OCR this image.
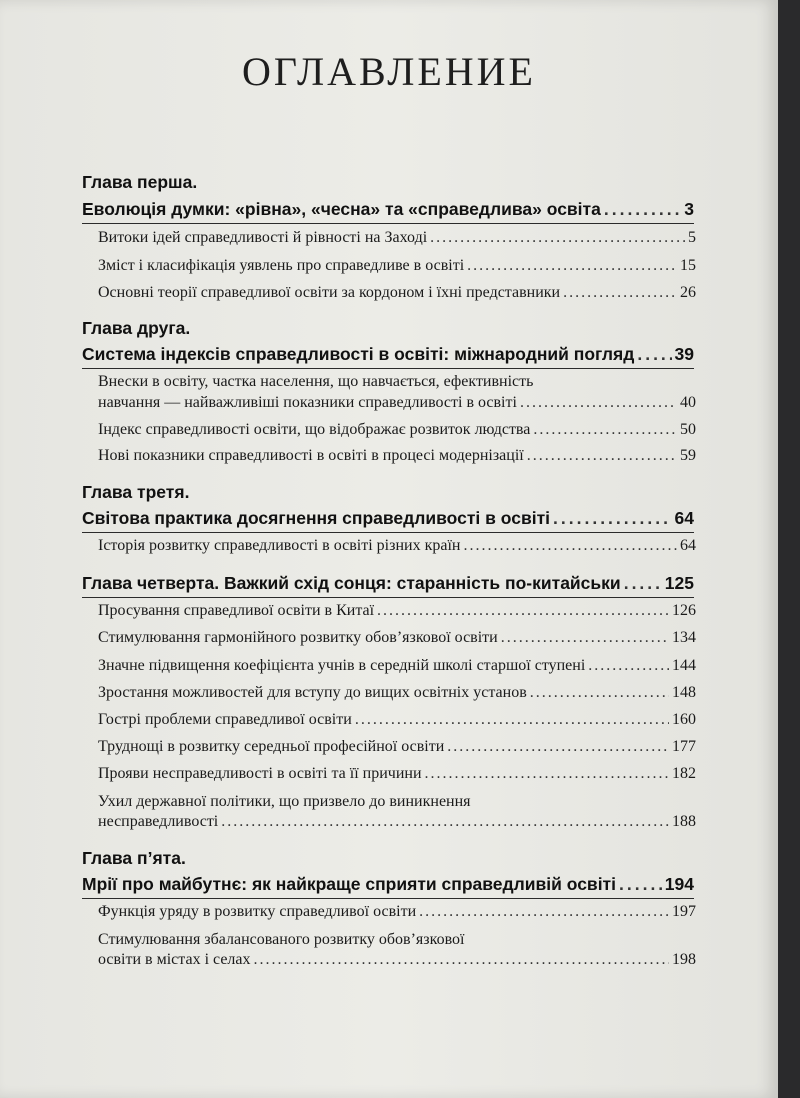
ОГЛАВЛЕНИЕ
Глава перша.
Еволюція думки: «рівна», «чесна» та «справедлива» освіта .....	3
Витоки ідей справедливості й рівності на Заході .....	5
Зміст і класифікація уявлень про справедливе в освіті .....	15
Основні теорії справедливої освіти за кордоном і їхні представники .....	26
Глава друга.
Система індексів справедливості в освіті: міжнародний погляд ..... 39
Внески в освіту, частка населення, що навчається, ефективність
навчання — найважливіші показники справедливості в освіті .....	40
Індекс справедливості освіти, що відображає розвиток людства .....	50
Нові показники справедливості в освіті в процесі модернізації .....	59
Глава третя.
Світова практика досягнення справедливості в освіті .....	64
Історія розвитку справедливості в освіті різних країн .....	64
Глава четверта. Важкий схід сонця: старанність по-китайськи .....	125
Просування справедливої освіти в Китаї .....	126
Стимулювання гармонійного розвитку обов’язкової освіти .....	134
Значне підвищення коефіцієнта учнів в середній школі старшої ступені .....	144
Зростання можливостей для вступу до вищих освітніх установ .....	148
Гострі проблеми справедливої освіти .....	160
Труднощі в розвитку середньої професійної освіти .....	177
Прояви несправедливості в освіті та її причини .....	182
Ухил державної політики, що призвело до виникнення
несправедливості .....	188
Глава п’ята.
Мрії про майбутнє: як найкраще сприяти справедливій освіті .....	194
Функція уряду в розвитку справедливої освіти .....	197
Стимулювання збалансованого розвитку обов’язкової
освіти в містах і селах .....	198
